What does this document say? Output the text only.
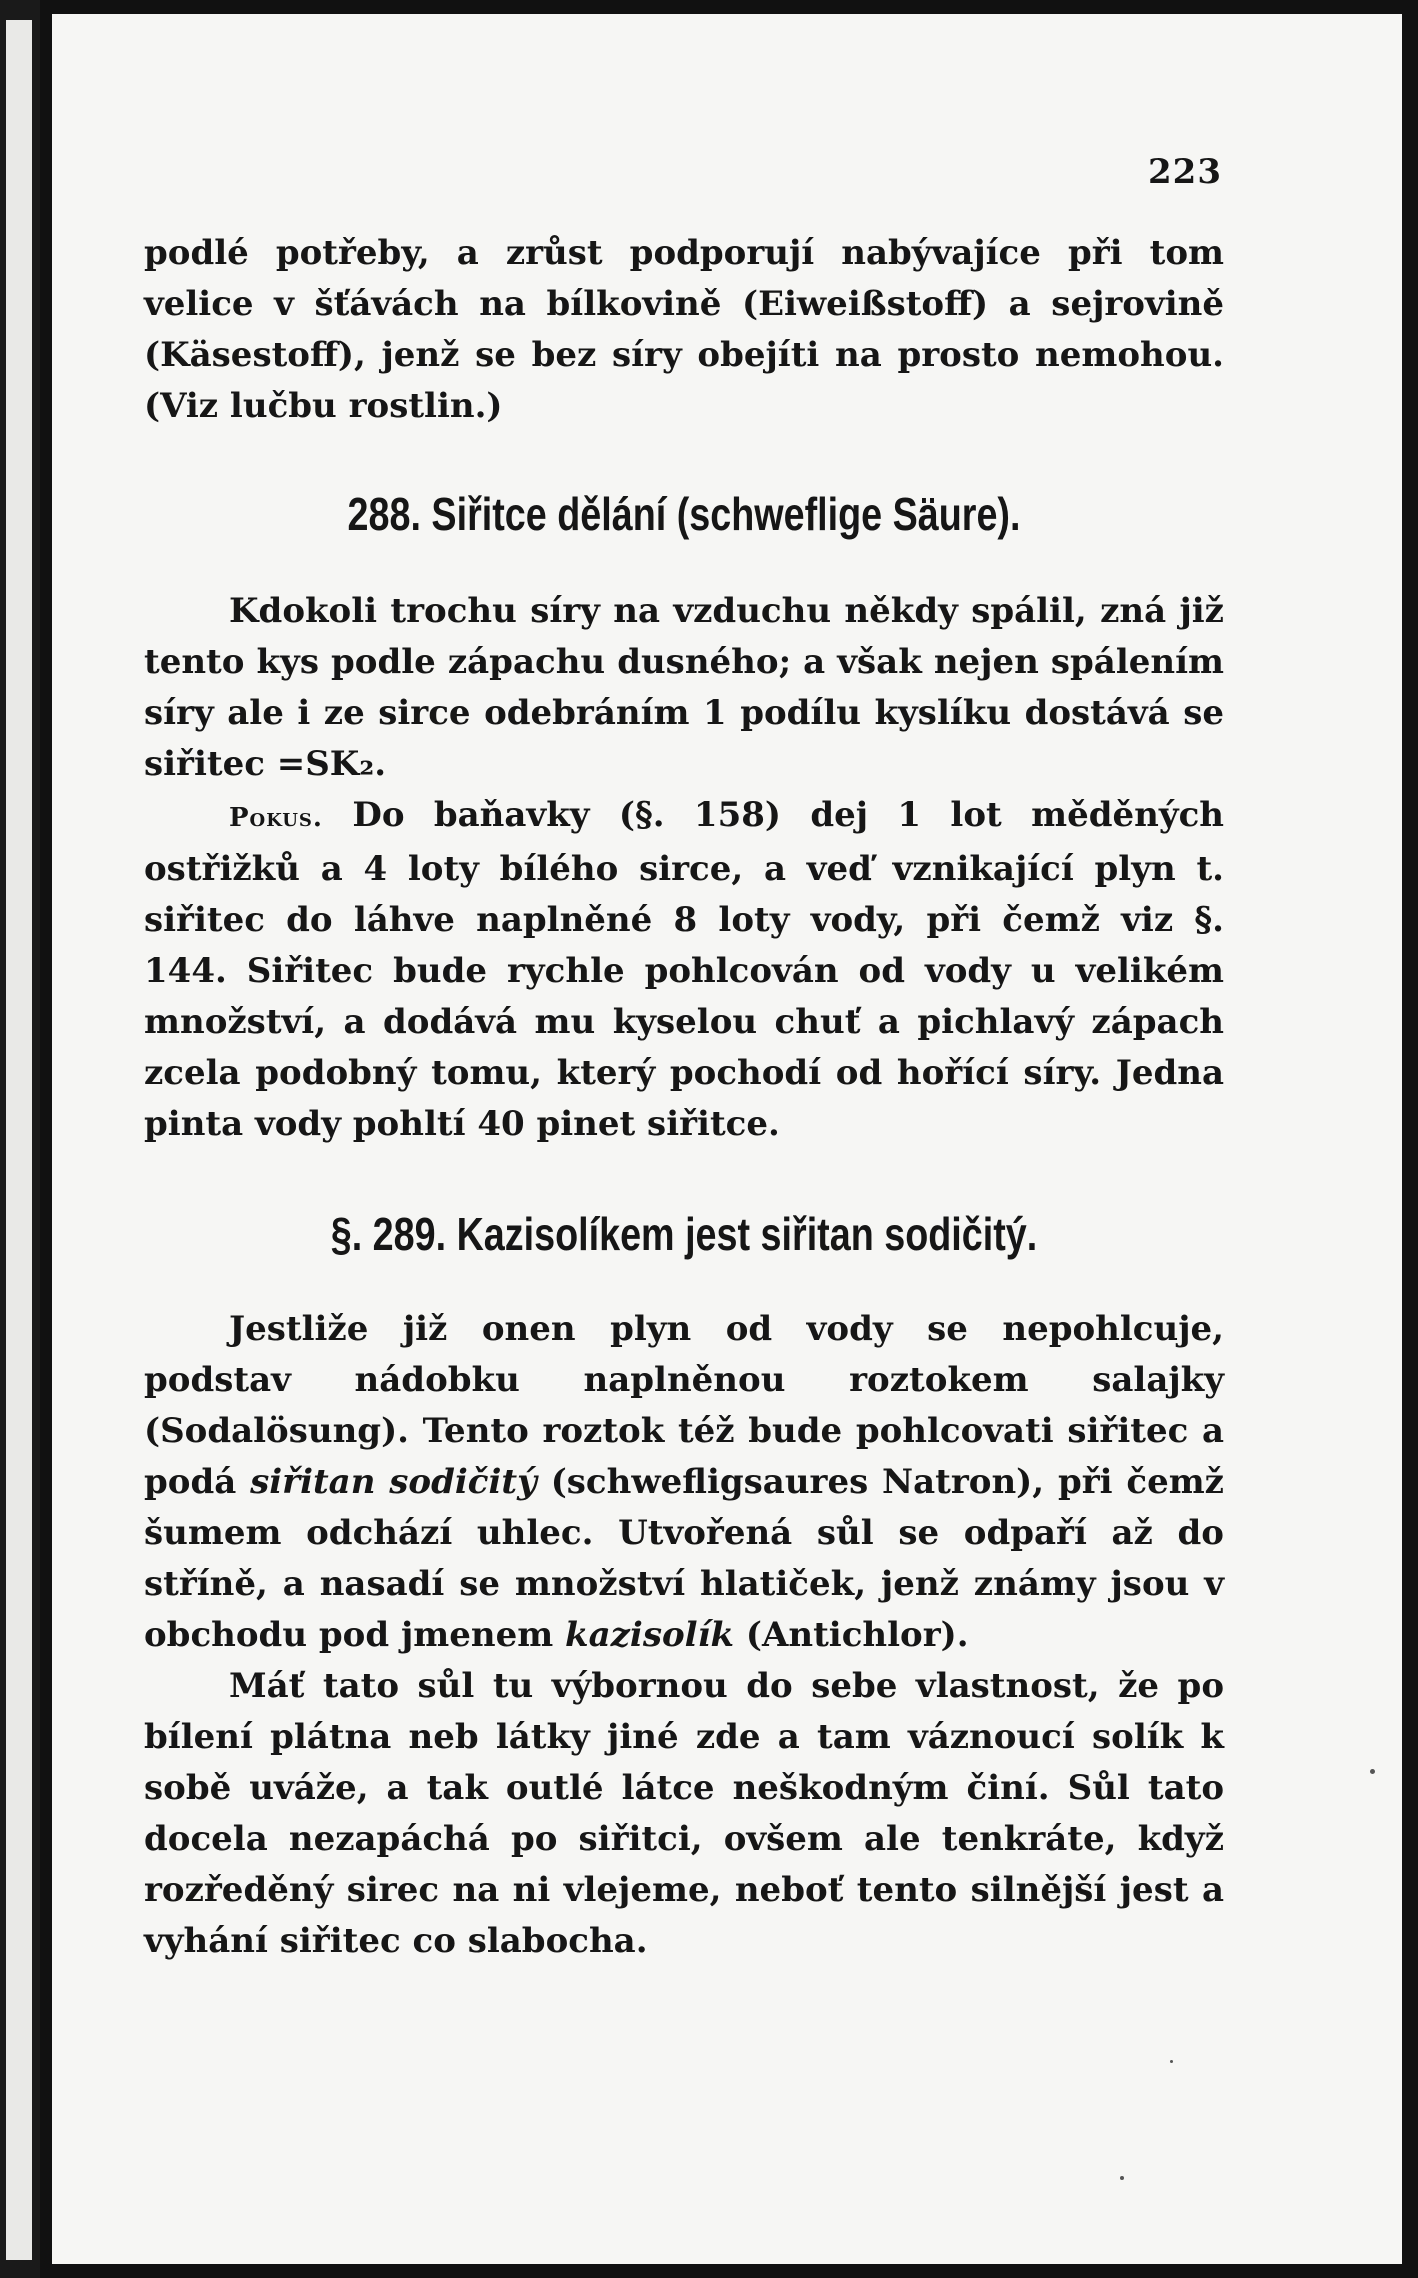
223

podlé potřeby, a zrůst podporují nabývajíce při tom velice v šťávách na bílkovině (Eiweißstoff) a sejrovině (Käsestoff), jenž se bez síry obejíti na prosto nemohou. (Viz lučbu rostlin.)

288. Siřitce dělání (schweflige Säure).

Kdokoli trochu síry na vzduchu někdy spálil, zná již tento kys podle zápachu dusného; a však nejen spálením síry ale i ze sirce odebráním 1 podílu kyslíku dostává se siřitec =SK₂.

Pokus. Do baňavky (§. 158) dej 1 lot měděných ostřižků a 4 loty bílého sirce, a veď vznikající plyn t. siřitec do láhve naplněné 8 loty vody, při čemž viz §. 144. Siřitec bude rychle pohlcován od vody u velikém množství, a dodává mu kyselou chuť a pichlavý zápach zcela podobný tomu, který pochodí od hořící síry. Jedna pinta vody pohltí 40 pinet siřitce.

§. 289. Kazisolíkem jest siřitan sodičitý.

Jestliže již onen plyn od vody se nepohlcuje, podstav nádobku naplněnou roztokem salajky (Sodalösung). Tento roztok též bude pohlcovati siřitec a podá siřitan sodičitý (schwefligsaures Natron), při čemž šumem odchází uhlec. Utvořená sůl se odpaří až do stříně, a nasadí se množství hlatiček, jenž známy jsou v obchodu pod jmenem kazisolík (Antichlor).

Máť tato sůl tu výbornou do sebe vlastnost, že po bílení plátna neb látky jiné zde a tam váznoucí solík k sobě uváže, a tak outlé látce neškodným činí. Sůl tato docela nezapáchá po siřitci, ovšem ale tenkráte, když rozředěný sirec na ni vlejeme, neboť tento silnější jest a vyhání siřitec co slabocha.
